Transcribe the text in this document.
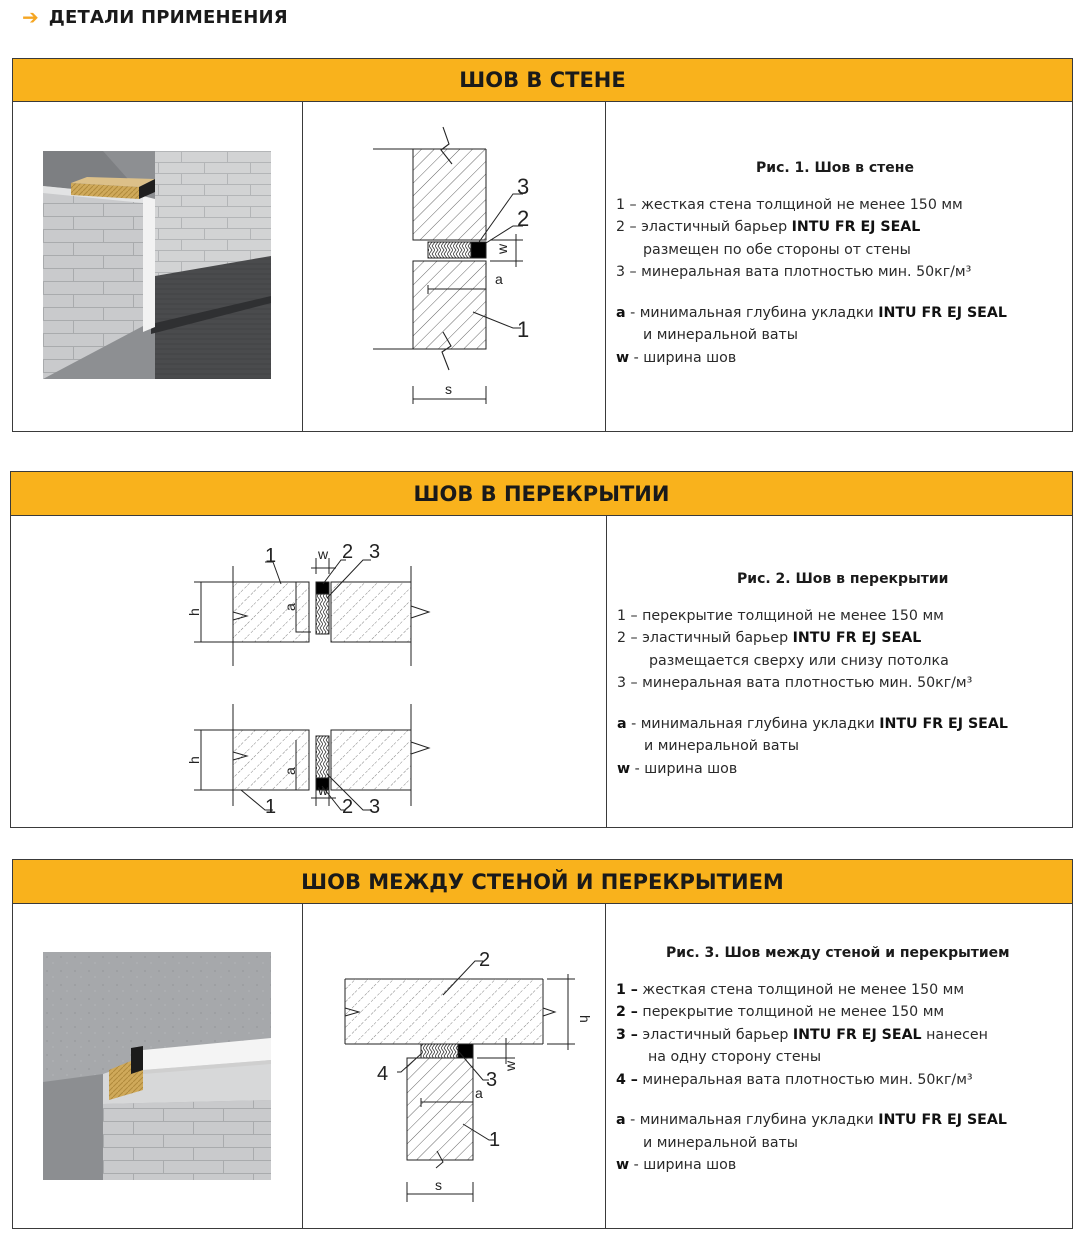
➔ ДЕТАЛИ ПРИМЕНЕНИЯ
ШОВ В СТЕНЕ
3
2
1
a
s
w
Рис. 1. Шов в стене
1 – жесткая стена толщиной не менее 150 мм
2 – эластичный барьер INTU FR EJ SEAL
размещен по обе стороны от стены
3 – минеральная вата плотностью мин. 50кг/м³
a - минимальная глубина укладки INTU FR EJ SEAL
и минеральной ваты
w - ширина шов
ШОВ В ПЕРЕКРЫТИИ
1	2 3
w
a
h
h
a
w
1	2 3
Рис. 2. Шов в перекрытии
1 – перекрытие толщиной не менее 150 мм
2 – эластичный барьер INTU FR EJ SEAL
размещается сверху или снизу потолка
3 – минеральная вата плотностью мин. 50кг/м³
a - минимальная глубина укладки INTU FR EJ SEAL
и минеральной ваты
w - ширина шов
ШОВ МЕЖДУ СТЕНОЙ И ПЕРЕКРЫТИЕМ
2
3
4
1
a
s
h
w
Рис. 3. Шов между стеной и перекрытием
1 – жесткая стена толщиной не менее 150 мм
2 – перекрытие толщиной не менее 150 мм
3 – эластичный барьер INTU FR EJ SEAL нанесен
на одну сторону стены
4 – минеральная вата плотностью мин. 50кг/м³
a - минимальная глубина укладки INTU FR EJ SEAL
и минеральной ваты
w - ширина шов
